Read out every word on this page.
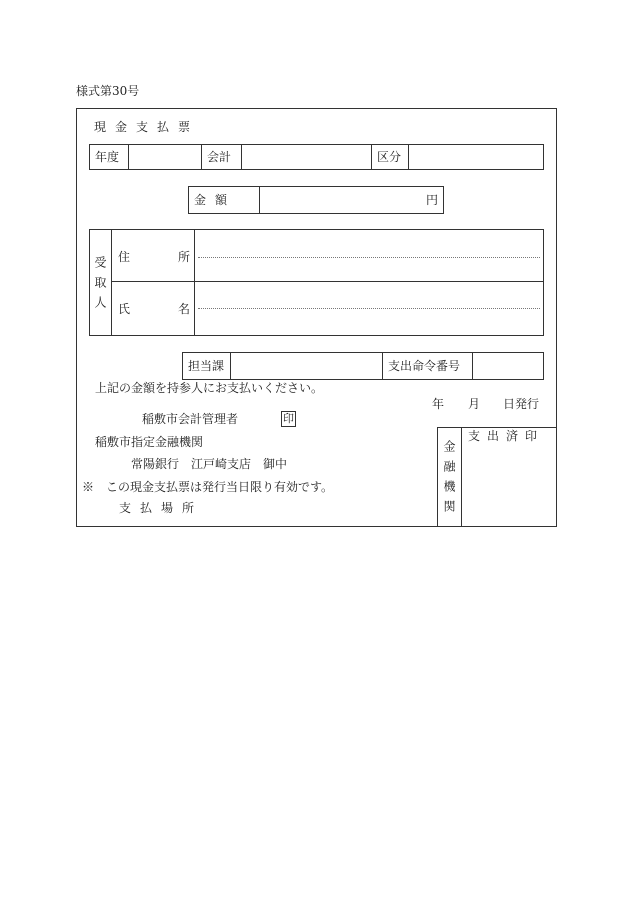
様式第30号
現金支払票
年度	会計	区分
金額	円
受取人 住所
氏名
担当課	支出命令番号
上記の金額を持参人にお支払いください。
年 月 日発行
稲敷市会計管理者	印
稲敷市指定金融機関
常陽銀行　江戸崎支店　御中
※　この現金支払票は発行当日限り有効です。
支払場所	金融機関
支出済印
